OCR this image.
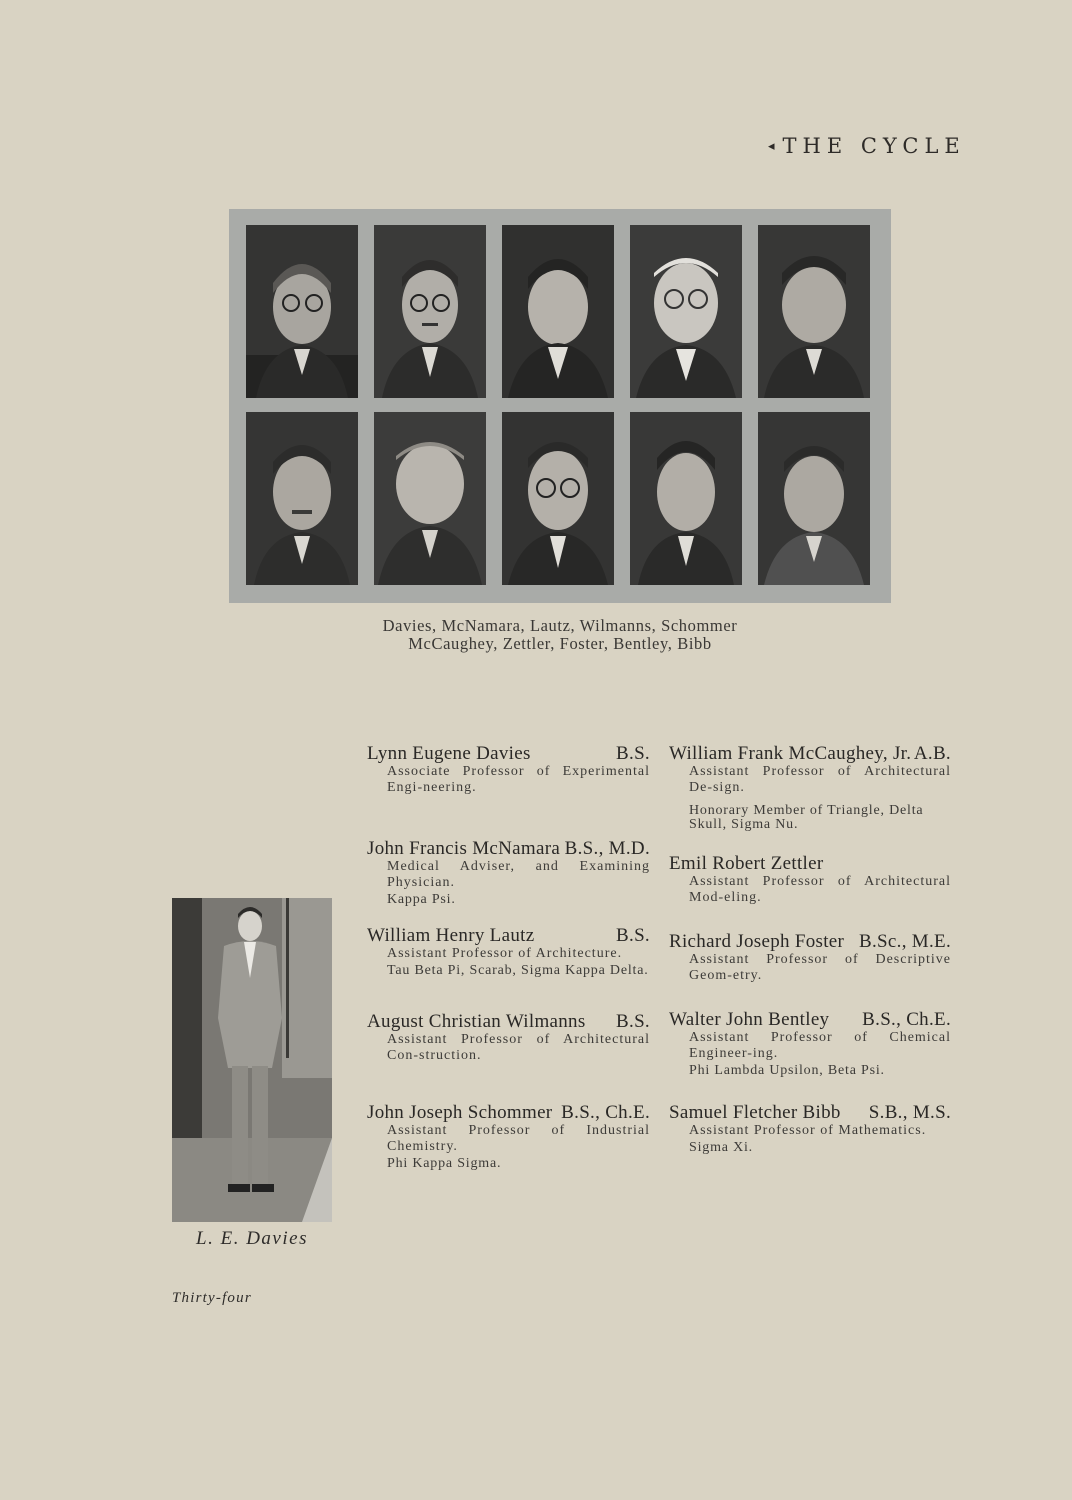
◂ THE CYCLE
Davies, McNamara, Lautz, Wilmanns, Schommer
McCaughey, Zettler, Foster, Bentley, Bibb
Lynn Eugene Davies	B.S.
Associate Professor of Experimental Engi-neering.
John Francis McNamara B.S., M.D.
Medical Adviser, and Examining Physician.
Kappa Psi.
William Henry Lautz	B.S.
Assistant Professor of Architecture.
Tau Beta Pi, Scarab, Sigma Kappa Delta.
August Christian Wilmanns B.S.
Assistant Professor of Architectural Con-struction.
John Joseph Schommer B.S., Ch.E.
Assistant Professor of Industrial Chemistry.
Phi Kappa Sigma.
William Frank McCaughey, Jr. A.B.
Assistant Professor of Architectural De-sign.
Honorary Member of Triangle, Delta Skull, Sigma Nu.
Emil Robert Zettler
Assistant Professor of Architectural Mod-eling.
Richard Joseph Foster B.Sc., M.E.
Assistant Professor of Descriptive Geom-etry.
Walter John Bentley B.S., Ch.E.
Assistant Professor of Chemical Engineer-ing.
Phi Lambda Upsilon, Beta Psi.
Samuel Fletcher Bibb S.B., M.S.
Assistant Professor of Mathematics.
Sigma Xi.
L. E. Davies
Thirty-four
